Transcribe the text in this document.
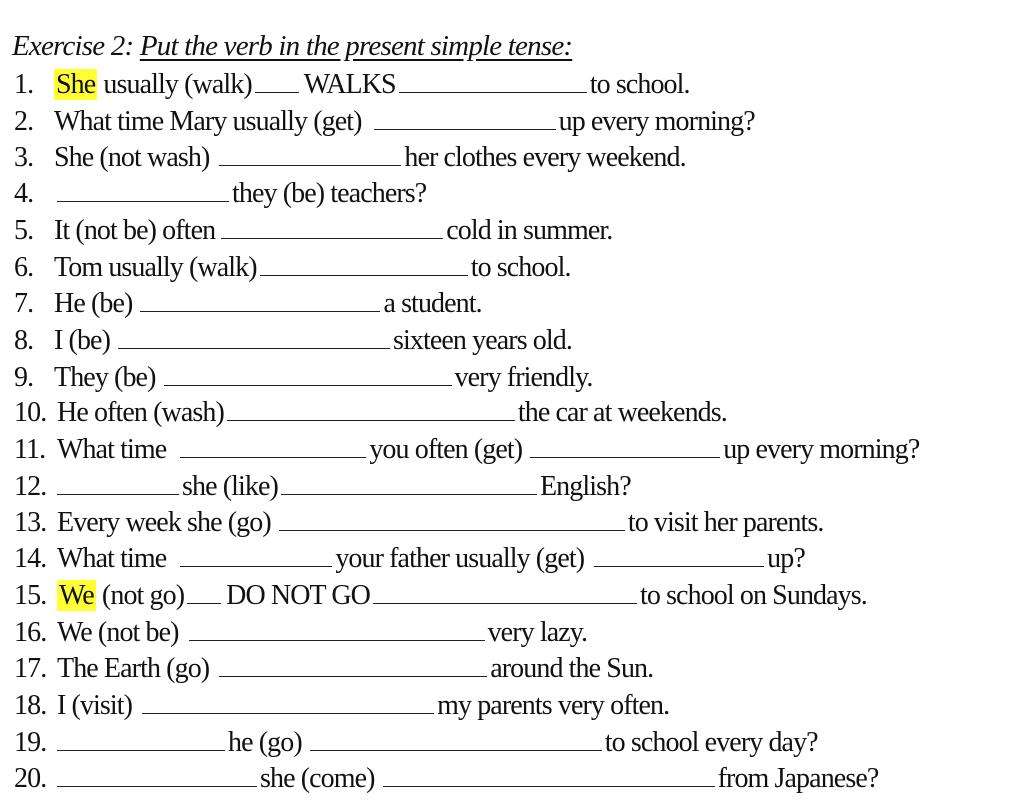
Exercise 2: Put the verb in the present simple tense:
1. She usually (walk) WALKS	to school.
2. What time Mary usually (get)	up every morning?
3. She (not wash)	her clothes every weekend.
4.	they (be) teachers?
5. It (not be) often	cold in summer.
6. Tom usually (walk)	to school.
7. He (be)	a student.
8. I (be)	sixteen years old.
9. They (be)	very friendly.
10. He often (wash)	the car at weekends.
11. What time	you often (get)	up every morning?
12.	she (like)	English?
13. Every week she (go)	to visit her parents.
14. What time	your father usually (get)	up?
15. We (not go) DO NOT GO	to school on Sundays.
16. We (not be)	very lazy.
17. The Earth (go)	around the Sun.
18. I (visit)	my parents very often.
19.	he (go)	to school every day?
20.	she (come)	from Japanese?
